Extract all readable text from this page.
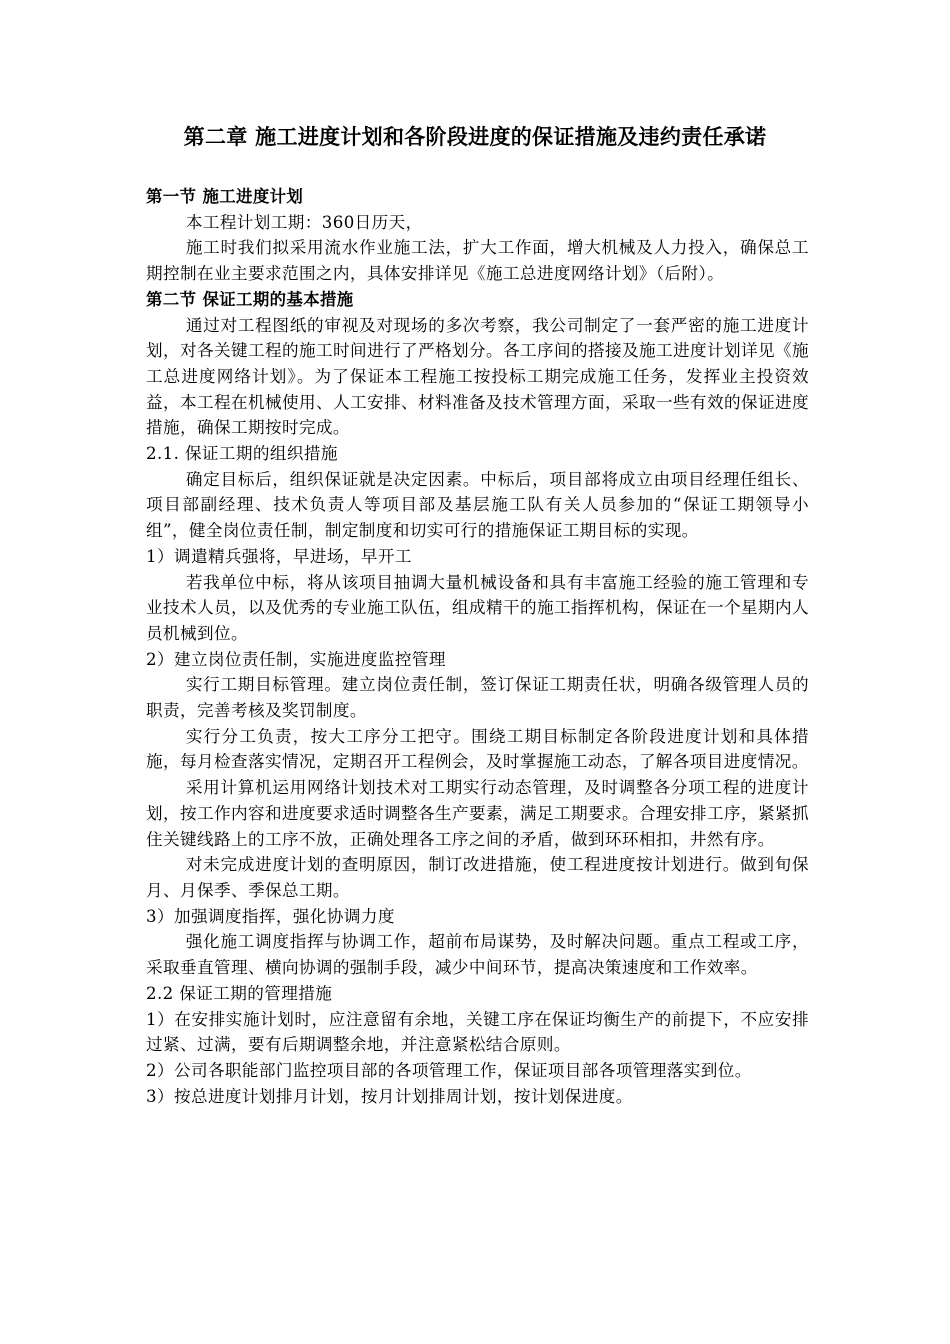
第二章 施工进度计划和各阶段进度的保证措施及违约责任承诺

第一节 施工进度计划

本工程计划工期：360日历天，

施工时我们拟采用流水作业施工法，扩大工作面，增大机械及人力投入，确保总工期控制在业主要求范围之内，具体安排详见《施工总进度网络计划》（后附）。

第二节 保证工期的基本措施

通过对工程图纸的审视及对现场的多次考察，我公司制定了一套严密的施工进度计划，对各关键工程的施工时间进行了严格划分。各工序间的搭接及施工进度计划详见《施工总进度网络计划》。为了保证本工程施工按投标工期完成施工任务，发挥业主投资效益，本工程在机械使用、人工安排、材料准备及技术管理方面，采取一些有效的保证进度措施，确保工期按时完成。

2.1. 保证工期的组织措施

确定目标后，组织保证就是决定因素。中标后，项目部将成立由项目经理任组长、项目部副经理、技术负责人等项目部及基层施工队有关人员参加的“保证工期领导小组”，健全岗位责任制，制定制度和切实可行的措施保证工期目标的实现。

1）调遣精兵强将，早进场，早开工

若我单位中标，将从该项目抽调大量机械设备和具有丰富施工经验的施工管理和专业技术人员，以及优秀的专业施工队伍，组成精干的施工指挥机构，保证在一个星期内人员机械到位。

2）建立岗位责任制，实施进度监控管理

实行工期目标管理。建立岗位责任制，签订保证工期责任状，明确各级管理人员的职责，完善考核及奖罚制度。

实行分工负责，按大工序分工把守。围绕工期目标制定各阶段进度计划和具体措施，每月检查落实情况，定期召开工程例会，及时掌握施工动态，了解各项目进度情况。

采用计算机运用网络计划技术对工期实行动态管理，及时调整各分项工程的进度计划，按工作内容和进度要求适时调整各生产要素，满足工期要求。合理安排工序，紧紧抓住关键线路上的工序不放，正确处理各工序之间的矛盾，做到环环相扣，井然有序。

对未完成进度计划的查明原因，制订改进措施，使工程进度按计划进行。做到旬保月、月保季、季保总工期。

3）加强调度指挥，强化协调力度

强化施工调度指挥与协调工作，超前布局谋势，及时解决问题。重点工程或工序，采取垂直管理、横向协调的强制手段，减少中间环节，提高决策速度和工作效率。

2.2 保证工期的管理措施

1）在安排实施计划时，应注意留有余地，关键工序在保证均衡生产的前提下，不应安排过紧、过满，要有后期调整余地，并注意紧松结合原则。

2）公司各职能部门监控项目部的各项管理工作，保证项目部各项管理落实到位。

3）按总进度计划排月计划，按月计划排周计划，按计划保进度。
